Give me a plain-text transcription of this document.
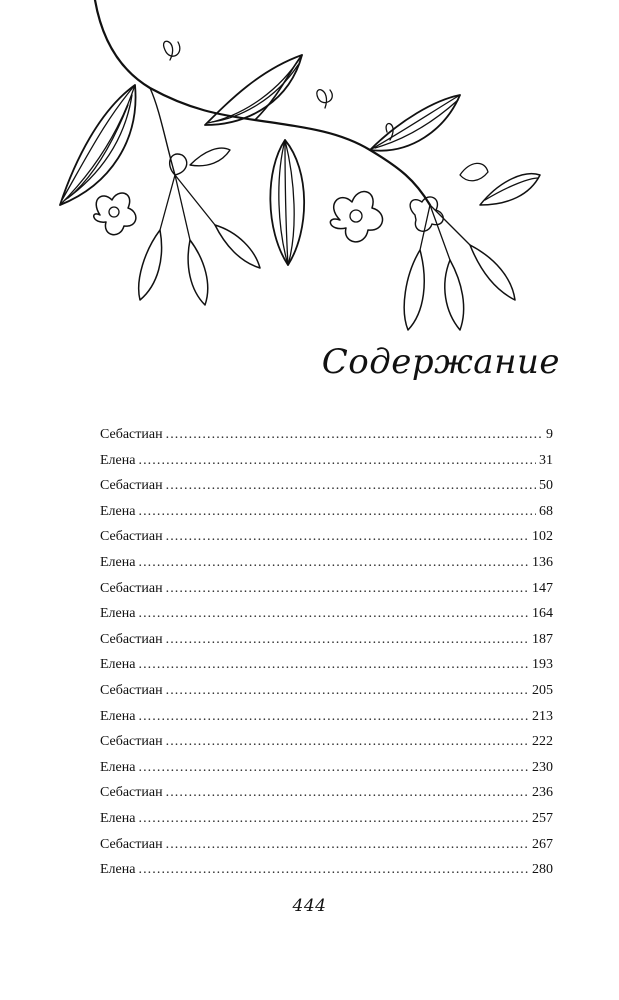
Содержание
Себастиан . . .	9
Елена . . .	31
Себастиан . . .	50
Елена . . .	68
Себастиан . . .	102
Елена . . .	136
Себастиан . . .	147
Елена . . .	164
Себастиан . . .	187
Елена . . .	193
Себастиан . . .	205
Елена . . .	213
Себастиан . . .	222
Елена . . .	230
Себастиан . . .	236
Елена . . .	257
Себастиан . . .	267
Елена . . .	280
444
